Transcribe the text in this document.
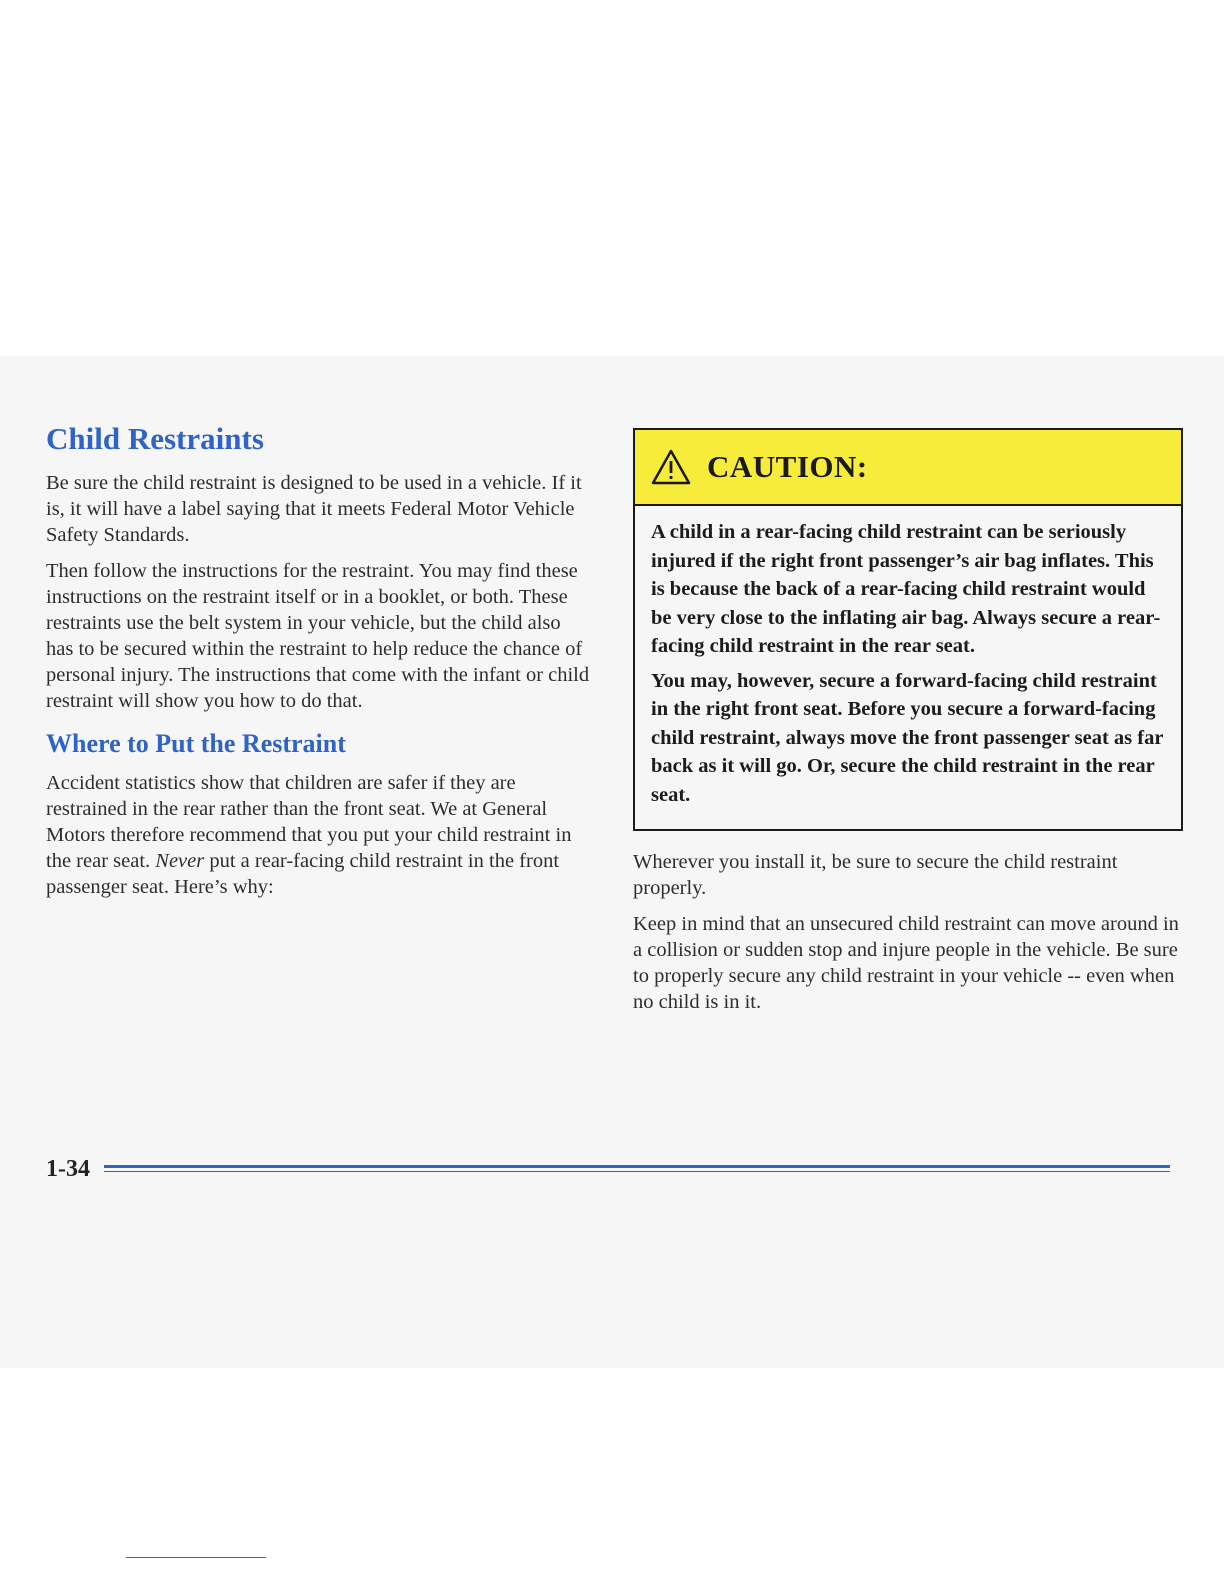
Child Restraints

Be sure the child restraint is designed to be used in a vehicle. If it is, it will have a label saying that it meets Federal Motor Vehicle Safety Standards.

Then follow the instructions for the restraint. You may find these instructions on the restraint itself or in a booklet, or both. These restraints use the belt system in your vehicle, but the child also has to be secured within the restraint to help reduce the chance of personal injury. The instructions that come with the infant or child restraint will show you how to do that.

Where to Put the Restraint

Accident statistics show that children are safer if they are restrained in the rear rather than the front seat. We at General Motors therefore recommend that you put your child restraint in the rear seat. Never put a rear-facing child restraint in the front passenger seat. Here’s why:

CAUTION:

A child in a rear-facing child restraint can be seriously injured if the right front passenger’s air bag inflates. This is because the back of a rear-facing child restraint would be very close to the inflating air bag. Always secure a rear-facing child restraint in the rear seat.

You may, however, secure a forward-facing child restraint in the right front seat. Before you secure a forward-facing child restraint, always move the front passenger seat as far back as it will go. Or, secure the child restraint in the rear seat.

Wherever you install it, be sure to secure the child restraint properly.

Keep in mind that an unsecured child restraint can move around in a collision or sudden stop and injure people in the vehicle. Be sure to properly secure any child restraint in your vehicle -- even when no child is in it.

1-34
